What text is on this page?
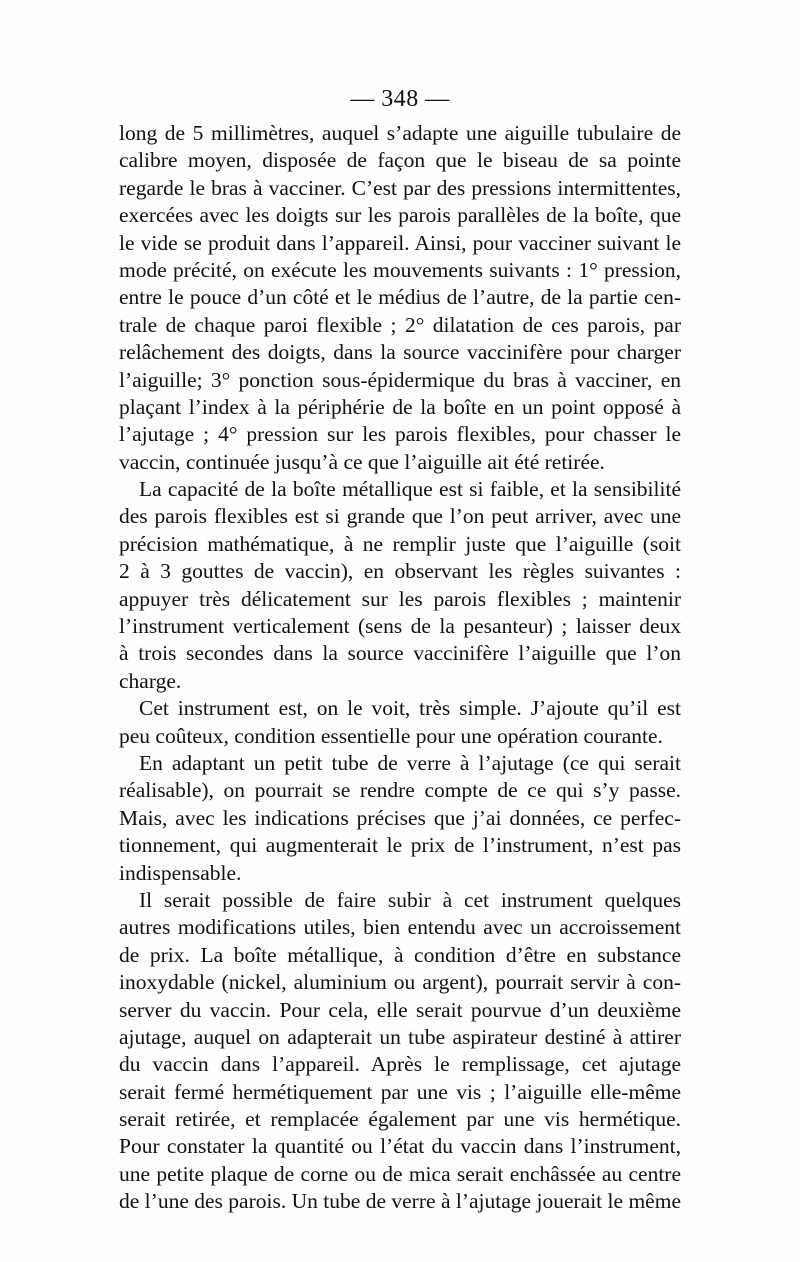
— 348 —
long de 5 millimètres, auquel s’adapte une aiguille tubulaire de
calibre moyen, disposée de façon que le biseau de sa pointe
regarde le bras à vacciner. C’est par des pressions intermittentes,
exercées avec les doigts sur les parois parallèles de la boîte, que
le vide se produit dans l’appareil. Ainsi, pour vacciner suivant le
mode précité, on exécute les mouvements suivants : 1° pression,
entre le pouce d’un côté et le médius de l’autre, de la partie cen-
trale de chaque paroi flexible ; 2° dilatation de ces parois, par
relâchement des doigts, dans la source vaccinifère pour charger
l’aiguille; 3° ponction sous-épidermique du bras à vacciner, en
plaçant l’index à la périphérie de la boîte en un point opposé à
l’ajutage ; 4° pression sur les parois flexibles, pour chasser le
vaccin, continuée jusqu’à ce que l’aiguille ait été retirée.
La capacité de la boîte métallique est si faible, et la sensibilité
des parois flexibles est si grande que l’on peut arriver, avec une
précision mathématique, à ne remplir juste que l’aiguille (soit
2 à 3 gouttes de vaccin), en observant les règles suivantes :
appuyer très délicatement sur les parois flexibles ; maintenir
l’instrument verticalement (sens de la pesanteur) ; laisser deux
à trois secondes dans la source vaccinifère l’aiguille que l’on
charge.
Cet instrument est, on le voit, très simple. J’ajoute qu’il est
peu coûteux, condition essentielle pour une opération courante.
En adaptant un petit tube de verre à l’ajutage (ce qui serait
réalisable), on pourrait se rendre compte de ce qui s’y passe.
Mais, avec les indications précises que j’ai données, ce perfec-
tionnement, qui augmenterait le prix de l’instrument, n’est pas
indispensable.
Il serait possible de faire subir à cet instrument quelques
autres modifications utiles, bien entendu avec un accroissement
de prix. La boîte métallique, à condition d’être en substance
inoxydable (nickel, aluminium ou argent), pourrait servir à con-
server du vaccin. Pour cela, elle serait pourvue d’un deuxième
ajutage, auquel on adapterait un tube aspirateur destiné à attirer
du vaccin dans l’appareil. Après le remplissage, cet ajutage
serait fermé hermétiquement par une vis ; l’aiguille elle-même
serait retirée, et remplacée également par une vis hermétique.
Pour constater la quantité ou l’état du vaccin dans l’instrument,
une petite plaque de corne ou de mica serait enchâssée au centre
de l’une des parois. Un tube de verre à l’ajutage jouerait le même
